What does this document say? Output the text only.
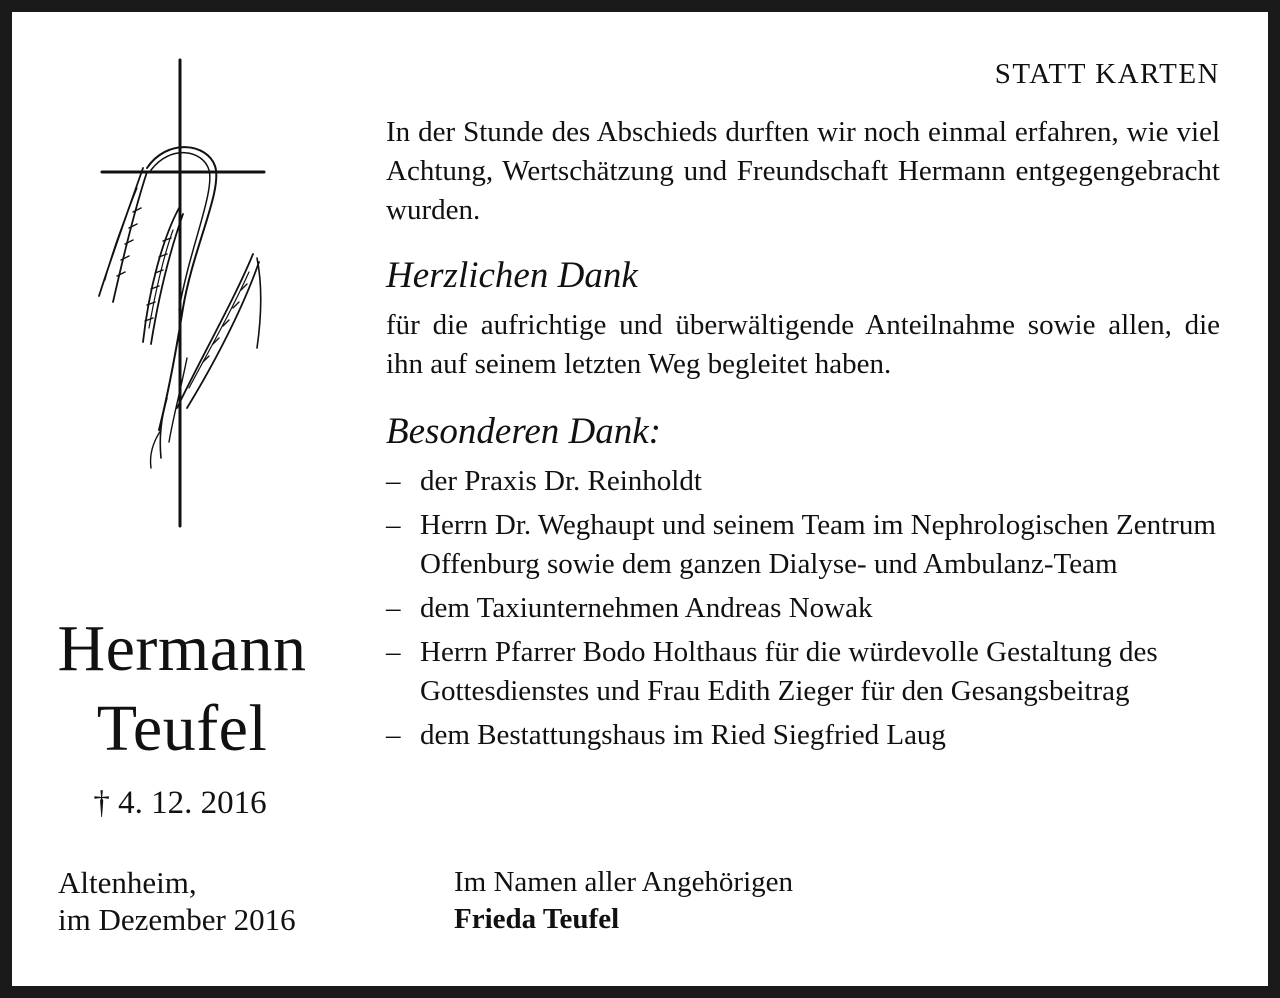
Hermann
Teufel
† 4. 12. 2016
Altenheim,
im Dezember 2016
STATT KARTEN
In der Stunde des Abschieds durften wir noch einmal erfahren, wie viel Achtung, Wertschätzung und Freundschaft Hermann entgegengebracht wurden.
Herzlichen Dank
für die aufrichtige und überwältigende Anteilnahme sowie allen, die ihn auf seinem letzten Weg begleitet haben.
Besonderen Dank:
– der Praxis Dr. Reinholdt
– Herrn Dr. Weghaupt und seinem Team im Nephrologischen Zentrum Offenburg sowie dem ganzen Dialyse- und Ambulanz-Team
– dem Taxiunternehmen Andreas Nowak
– Herrn Pfarrer Bodo Holthaus für die würdevolle Gestaltung des Gottesdienstes und Frau Edith Zieger für den Gesangsbeitrag
– dem Bestattungshaus im Ried Siegfried Laug
Im Namen aller Angehörigen
Frieda Teufel
